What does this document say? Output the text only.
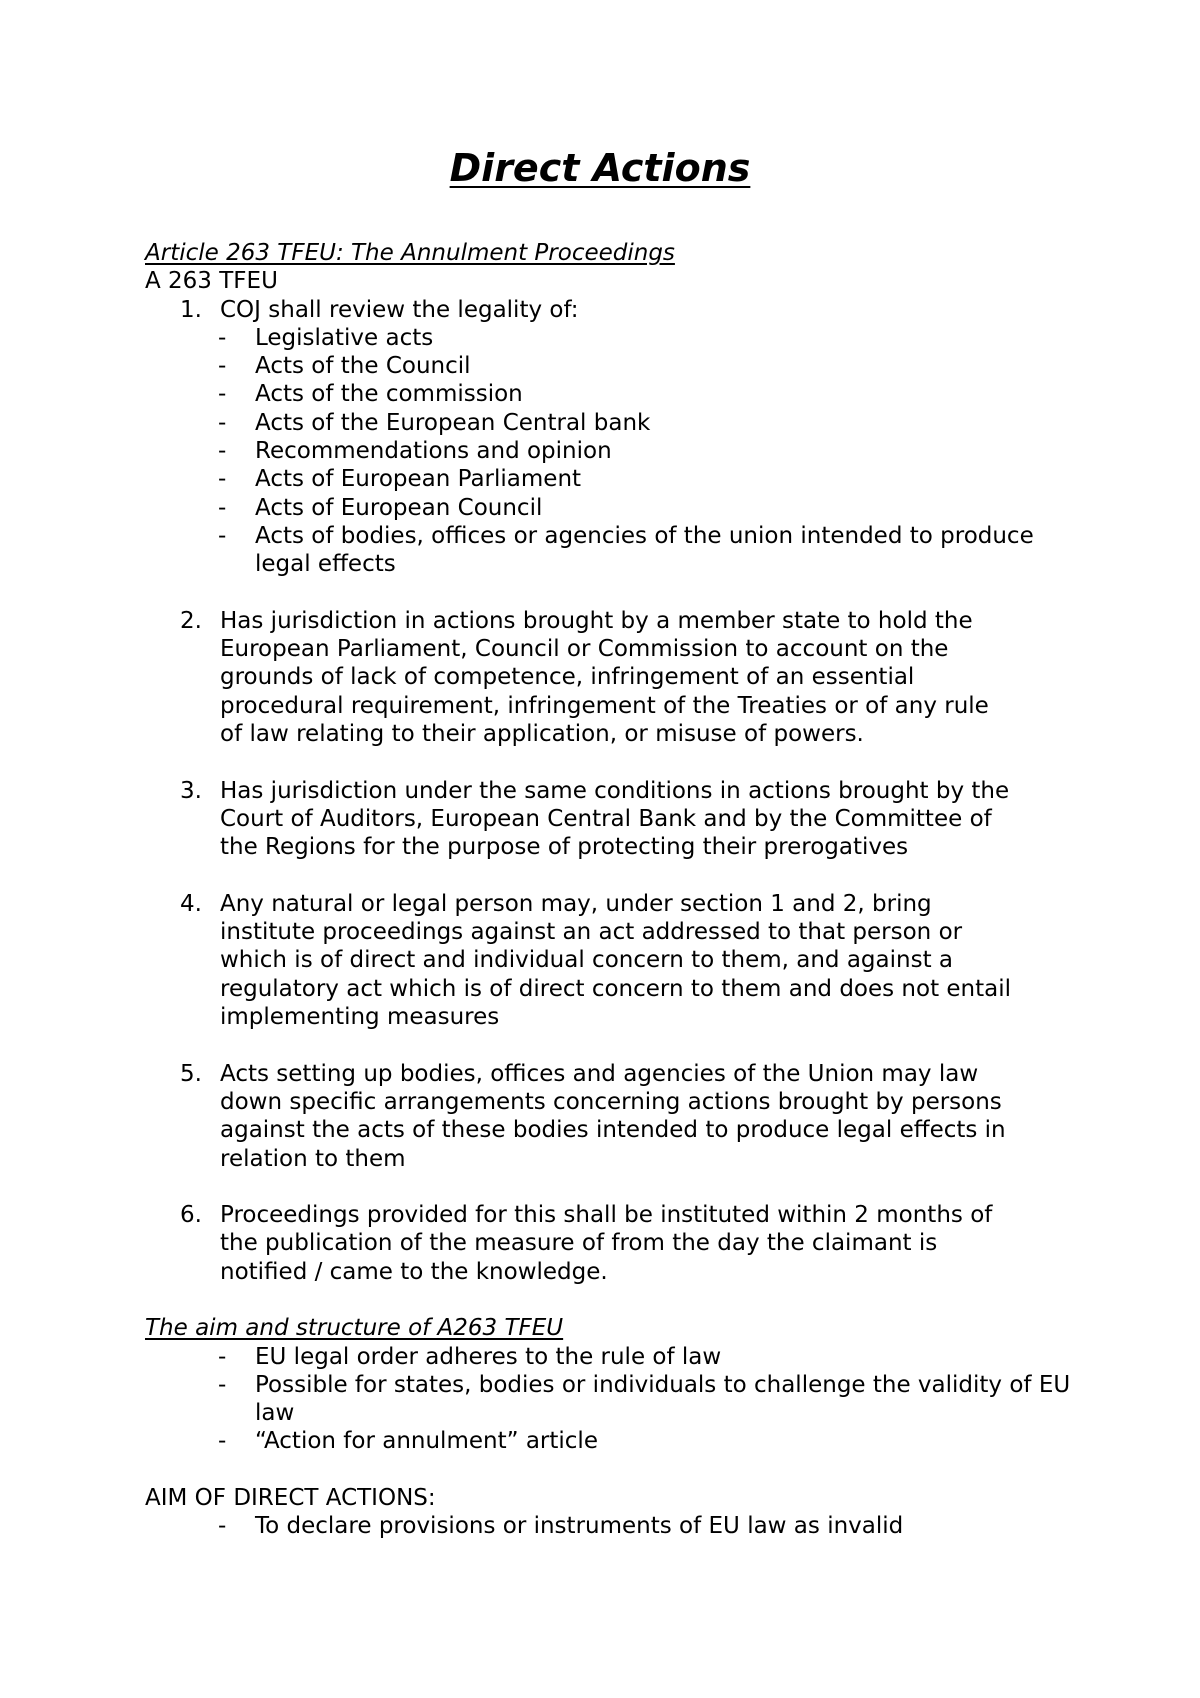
Direct Actions
Article 263 TFEU: The Annulment Proceedings
A 263 TFEU
1. COJ shall review the legality of:
- Legislative acts
- Acts of the Council
- Acts of the commission
- Acts of the European Central bank
- Recommendations and opinion
- Acts of European Parliament
- Acts of European Council
- Acts of bodies, offices or agencies of the union intended to produce legal effects
2. Has jurisdiction in actions brought by a member state to hold the
European Parliament, Council or Commission to account on the
grounds of lack of competence, infringement of an essential
procedural requirement, infringement of the Treaties or of any rule
of law relating to their application, or misuse of powers.
3. Has jurisdiction under the same conditions in actions brought by the
Court of Auditors, European Central Bank and by the Committee of
the Regions for the purpose of protecting their prerogatives
4. Any natural or legal person may, under section 1 and 2, bring
institute proceedings against an act addressed to that person or
which is of direct and individual concern to them, and against a
regulatory act which is of direct concern to them and does not entail
implementing measures
5. Acts setting up bodies, offices and agencies of the Union may law
down specific arrangements concerning actions brought by persons
against the acts of these bodies intended to produce legal effects in
relation to them
6. Proceedings provided for this shall be instituted within 2 months of
the publication of the measure of from the day the claimant is
notified / came to the knowledge.
The aim and structure of A263 TFEU
- EU legal order adheres to the rule of law
- Possible for states, bodies or individuals to challenge the validity of EU law
- “Action for annulment” article
AIM OF DIRECT ACTIONS:
- To declare provisions or instruments of EU law as invalid
